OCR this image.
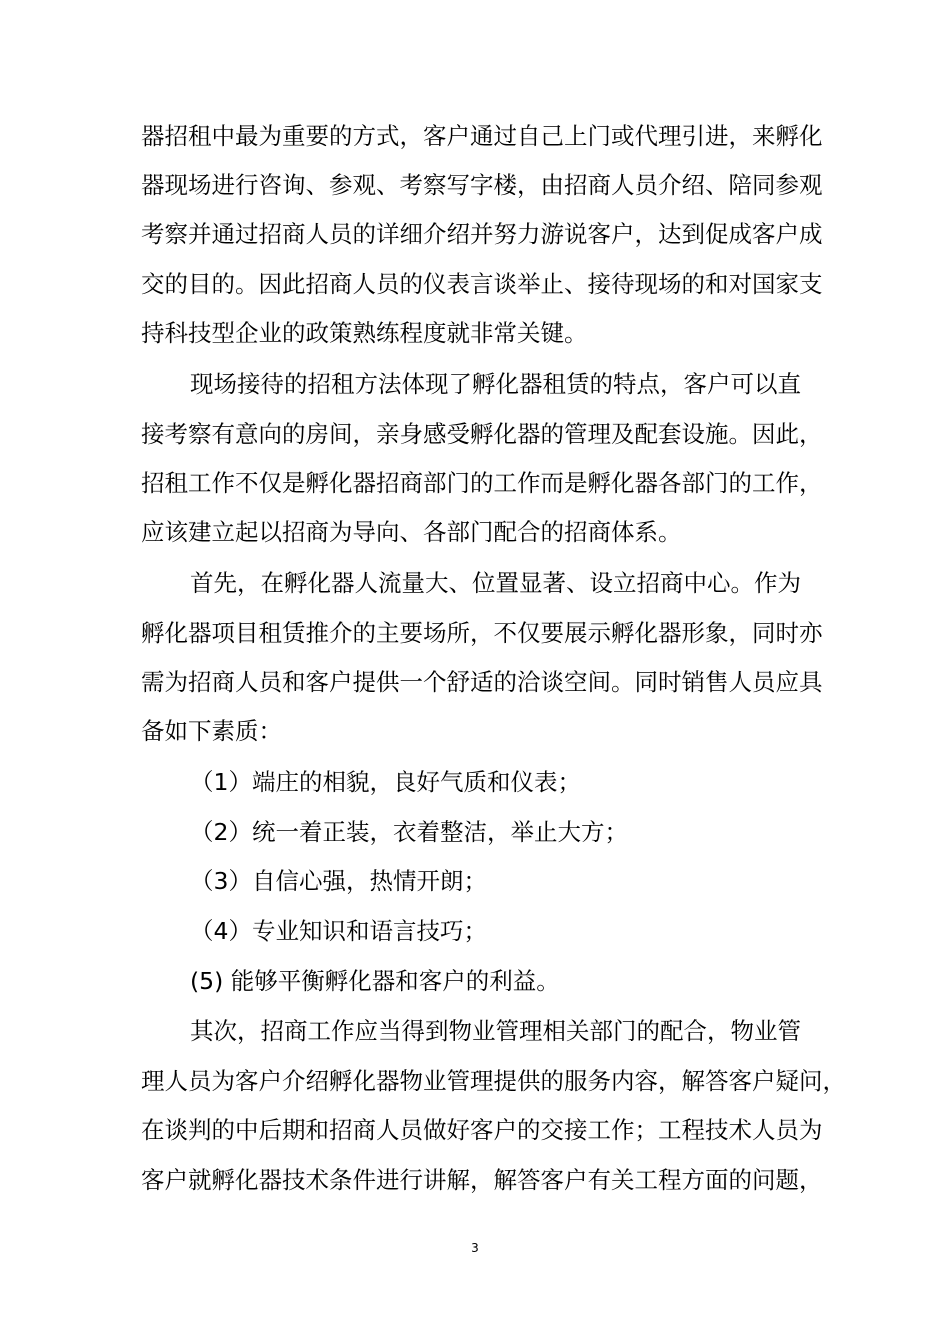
器招租中最为重要的方式，客户通过自己上门或代理引进，来孵化
器现场进行咨询、参观、考察写字楼，由招商人员介绍、陪同参观
考察并通过招商人员的详细介绍并努力游说客户，达到促成客户成
交的目的。因此招商人员的仪表言谈举止、接待现场的和对国家支
持科技型企业的政策熟练程度就非常关键。
现场接待的招租方法体现了孵化器租赁的特点，客户可以直
接考察有意向的房间，亲身感受孵化器的管理及配套设施。因此，
招租工作不仅是孵化器招商部门的工作而是孵化器各部门的工作，
应该建立起以招商为导向、各部门配合的招商体系。
首先，在孵化器人流量大、位置显著、设立招商中心。作为
孵化器项目租赁推介的主要场所，不仅要展示孵化器形象，同时亦
需为招商人员和客户提供一个舒适的洽谈空间。同时销售人员应具
备如下素质：
（1）端庄的相貌，良好气质和仪表；
（2）统一着正装，衣着整洁，举止大方；
（3）自信心强，热情开朗；
（4）专业知识和语言技巧；
(5) 能够平衡孵化器和客户的利益。
其次，招商工作应当得到物业管理相关部门的配合，物业管
理人员为客户介绍孵化器物业管理提供的服务内容，解答客户疑问，
在谈判的中后期和招商人员做好客户的交接工作；工程技术人员为
客户就孵化器技术条件进行讲解，解答客户有关工程方面的问题，
3
